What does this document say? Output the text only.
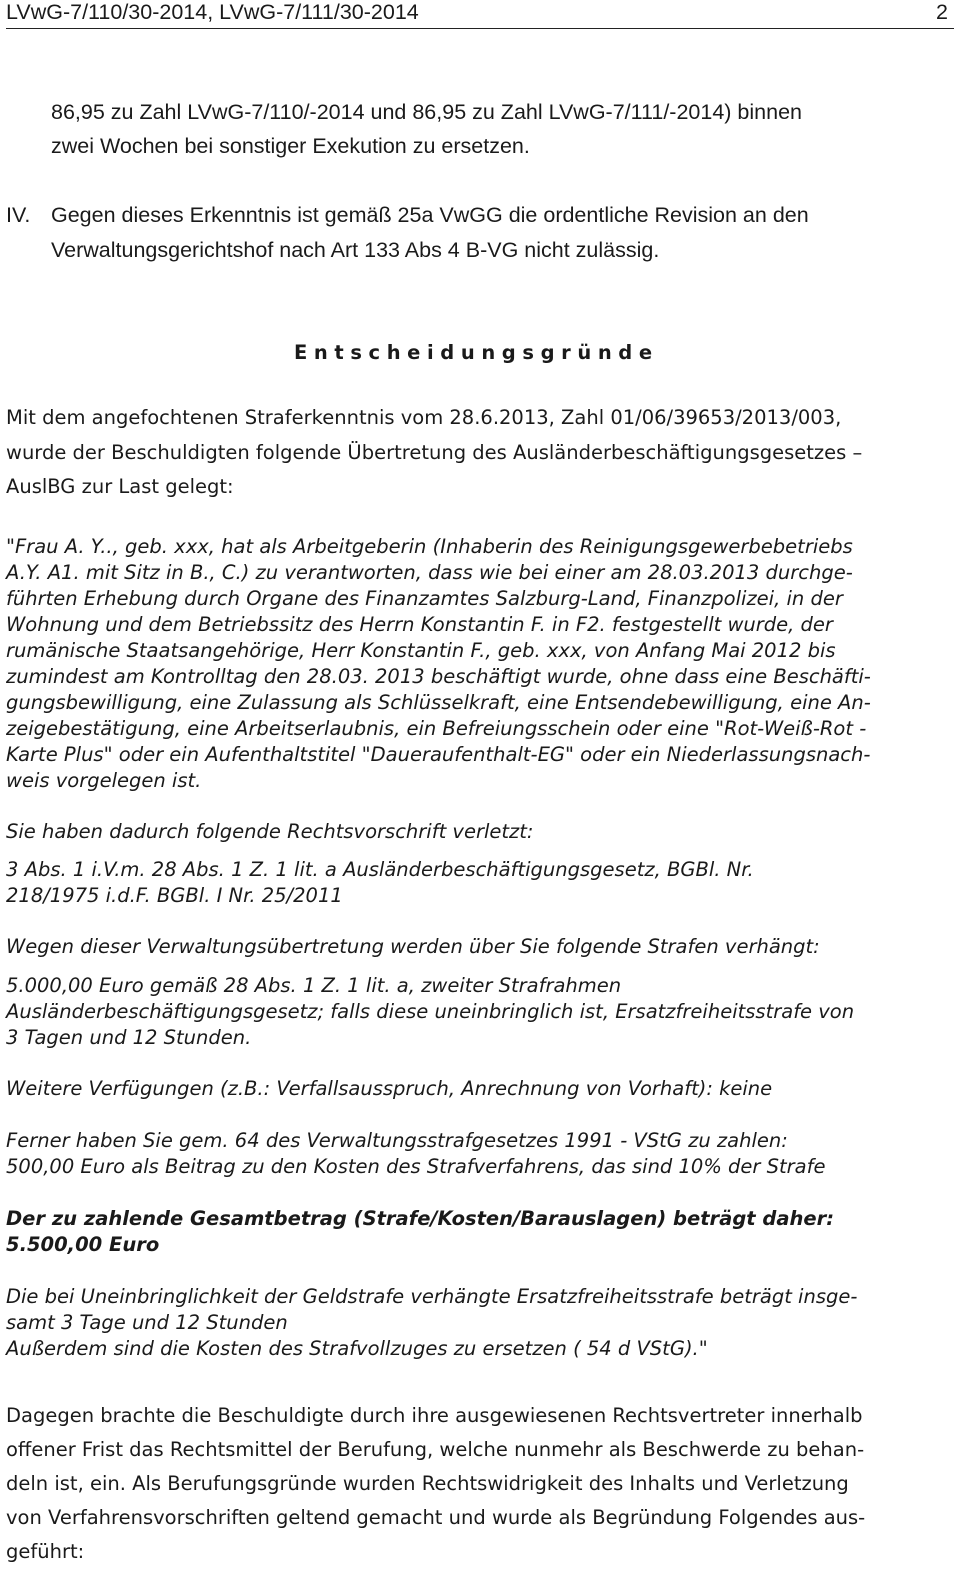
LVwG-7/110/30-2014, LVwG-7/111/30-2014	2
86,95 zu Zahl LVwG-7/110/-2014 und 86,95 zu Zahl LVwG-7/111/-2014) binnen
zwei Wochen bei sonstiger Exekution zu ersetzen.
IV. Gegen dieses Erkenntnis ist gemäß 25a VwGG die ordentliche Revision an den
Verwaltungsgerichtshof nach Art 133 Abs 4 B-VG nicht zulässig.
Entscheidungsgründe
Mit dem angefochtenen Straferkenntnis vom 28.6.2013, Zahl 01/06/39653/2013/003,
wurde der Beschuldigten folgende Übertretung des Ausländerbeschäftigungsgesetzes –
AuslBG zur Last gelegt:
"Frau A. Y.., geb. xxx, hat als Arbeitgeberin (Inhaberin des Reinigungsgewerbebetriebs
A.Y. A1. mit Sitz in B., C.) zu verantworten, dass wie bei einer am 28.03.2013 durchge-
führten Erhebung durch Organe des Finanzamtes Salzburg-Land, Finanzpolizei, in der
Wohnung und dem Betriebssitz des Herrn Konstantin F. in F2. festgestellt wurde, der
rumänische Staatsangehörige, Herr Konstantin F., geb. xxx, von Anfang Mai 2012 bis
zumindest am Kontrolltag den 28.03. 2013 beschäftigt wurde, ohne dass eine Beschäfti-
gungsbewilligung, eine Zulassung als Schlüsselkraft, eine Entsendebewilligung, eine An-
zeigebestätigung, eine Arbeitserlaubnis, ein Befreiungsschein oder eine "Rot-Weiß-Rot -
Karte Plus" oder ein Aufenthaltstitel "Daueraufenthalt-EG" oder ein Niederlassungsnach-
weis vorgelegen ist.
Sie haben dadurch folgende Rechtsvorschrift verletzt:
3 Abs. 1 i.V.m. 28 Abs. 1 Z. 1 lit. a Ausländerbeschäftigungsgesetz, BGBl. Nr.
218/1975 i.d.F. BGBl. I Nr. 25/2011
Wegen dieser Verwaltungsübertretung werden über Sie folgende Strafen verhängt:
5.000,00 Euro gemäß 28 Abs. 1 Z. 1 lit. a, zweiter Strafrahmen
Ausländerbeschäftigungsgesetz; falls diese uneinbringlich ist, Ersatzfreiheitsstrafe von
3 Tagen und 12 Stunden.
Weitere Verfügungen (z.B.: Verfallsausspruch, Anrechnung von Vorhaft): keine
Ferner haben Sie gem. 64 des Verwaltungsstrafgesetzes 1991 - VStG zu zahlen:
500,00 Euro als Beitrag zu den Kosten des Strafverfahrens, das sind 10% der Strafe
Der zu zahlende Gesamtbetrag (Strafe/Kosten/Barauslagen) beträgt daher:
5.500,00 Euro
Die bei Uneinbringlichkeit der Geldstrafe verhängte Ersatzfreiheitsstrafe beträgt insge-
samt 3 Tage und 12 Stunden
Außerdem sind die Kosten des Strafvollzuges zu ersetzen ( 54 d VStG)."
Dagegen brachte die Beschuldigte durch ihre ausgewiesenen Rechtsvertreter innerhalb
offener Frist das Rechtsmittel der Berufung, welche nunmehr als Beschwerde zu behan-
deln ist, ein. Als Berufungsgründe wurden Rechtswidrigkeit des Inhalts und Verletzung
von Verfahrensvorschriften geltend gemacht und wurde als Begründung Folgendes aus-
geführt:
